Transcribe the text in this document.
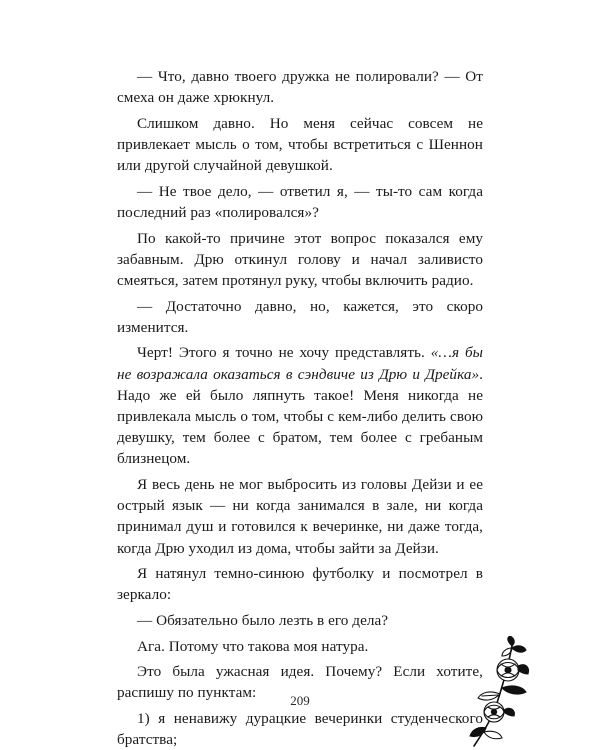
— Что, давно твоего дружка не полировали? — От смеха он даже хрюкнул.

Слишком давно. Но меня сейчас совсем не привлекает мысль о том, чтобы встретиться с Шеннон или другой случайной девушкой.

— Не твое дело, — ответил я, — ты-то сам когда последний раз «полировался»?

По какой-то причине этот вопрос показался ему забавным. Дрю откинул голову и начал заливисто смеяться, затем протянул руку, чтобы включить радио.

— Достаточно давно, но, кажется, это скоро изменится.

Черт! Этого я точно не хочу представлять. «…я бы не возражала оказаться в сэндвиче из Дрю и Дрейка». Надо же ей было ляпнуть такое! Меня никогда не привлекала мысль о том, чтобы с кем-либо делить свою девушку, тем более с братом, тем более с гребаным близнецом.

Я весь день не мог выбросить из головы Дейзи и ее острый язык — ни когда занимался в зале, ни когда принимал душ и готовился к вечеринке, ни даже тогда, когда Дрю уходил из дома, чтобы зайти за Дейзи.

Я натянул темно-синюю футболку и посмотрел в зеркало:

— Обязательно было лезть в его дела?

Ага. Потому что такова моя натура.

Это была ужасная идея. Почему? Если хотите, распишу по пунктам:

1) я ненавижу дурацкие вечеринки студенческого братства;

209
